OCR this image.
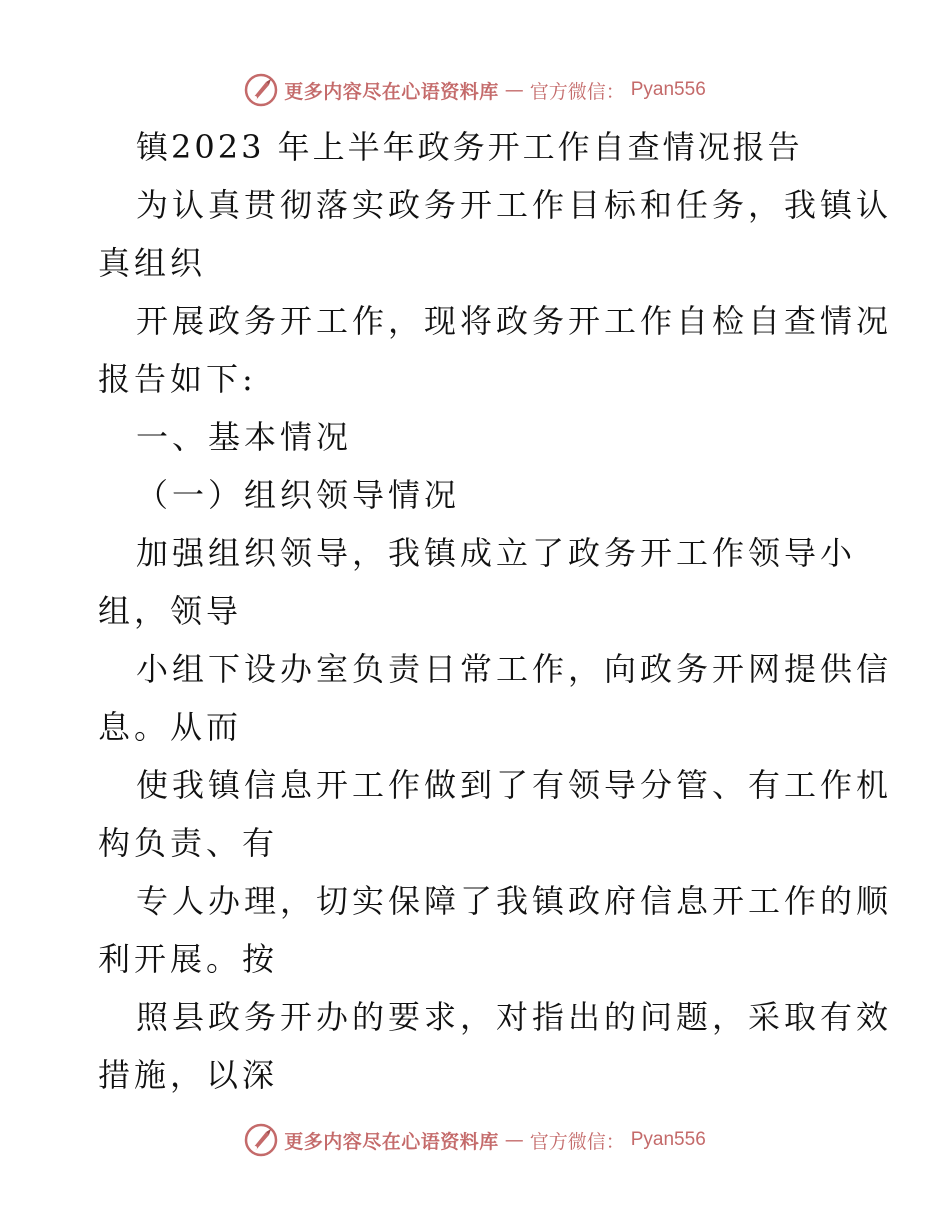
更多内容尽在心语资料库 — 官方微信： Pyan556
镇2023 年上半年政务开工作自查情况报告
为认真贯彻落实政务开工作目标和任务，我镇认
真组织
开展政务开工作，现将政务开工作自检自查情况
报告如下:
一、基本情况
（一）组织领导情况
加强组织领导，我镇成立了政务开工作领导小
组，领导
小组下设办室负责日常工作，向政务开网提供信
息。从而
使我镇信息开工作做到了有领导分管、有工作机
构负责、有
专人办理，切实保障了我镇政府信息开工作的顺
利开展。按
照县政务开办的要求，对指出的问题，采取有效
措施，以深
更多内容尽在心语资料库 — 官方微信： Pyan556
